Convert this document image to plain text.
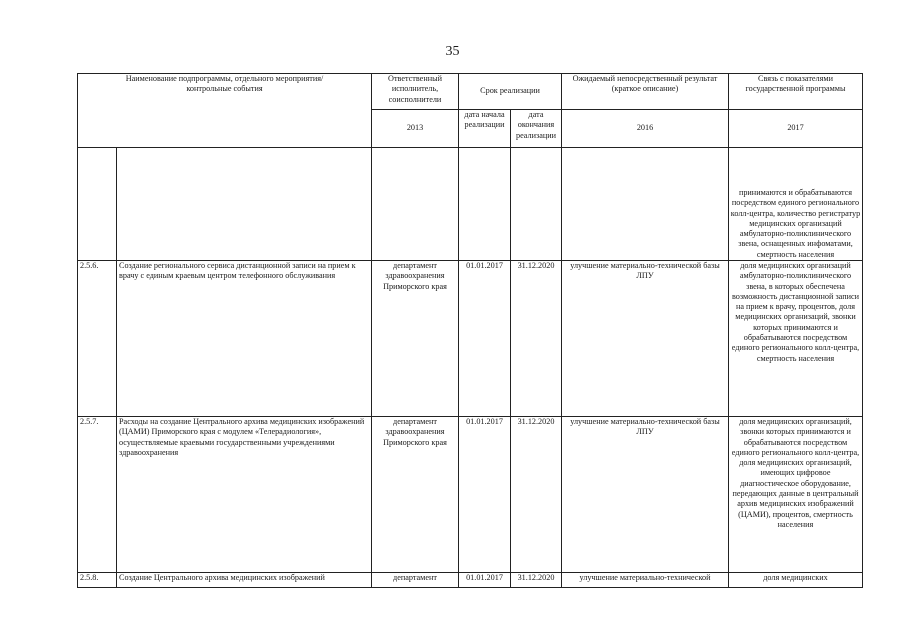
35
Наименование подпрограммы, отдельного мероприятия/контрольные события		Ответственный исполнитель, соисполнители	Срок реализации		Ожидаемый непосредственный результат (краткое описание)	Связь с показателями государственной программы
		2013	дата начала реализации	дата окончания реализации	2016	2017

						принимаются и обрабатываются посредством единого регионального колл-центра, количество регистратур медицинских организаций амбулаторно-поликлинического звена, оснащенных инфоматами, смертность населения

2.5.6.	Создание регионального сервиса дистанционной записи на прием к врачу с единым краевым центром телефонного обслуживания	департамент здравоохранения Приморского края	01.01.2017	31.12.2020	улучшение материально-технической базы ЛПУ	доля медицинских организаций амбулаторно-поликлинического звена, в которых обеспечена возможность дистанционной записи на прием к врачу, процентов, доля медицинских организаций, звонки которых принимаются и обрабатываются посредством единого регионального колл-центра, смертность населения
2.5.7.	Расходы на создание Центрального архива медицинских изображений (ЦАМИ) Приморского края с модулем «Телерадиология», осуществляемые краевыми государственными учреждениями здравоохранения	департамент здравоохранения Приморского края	01.01.2017	31.12.2020	улучшение материально-технической базы ЛПУ	доля медицинских организаций, звонки которых принимаются и обрабатываются посредством единого регионального колл-центра, доля медицинских организаций, имеющих цифровое диагностическое оборудование, передающих данные в центральный архив медицинских изображений (ЦАМИ), процентов, смертность населения
2.5.8.	Создание Центрального архива медицинских изображений	департамент	01.01.2017	31.12.2020	улучшение материально-технической	доля медицинских
